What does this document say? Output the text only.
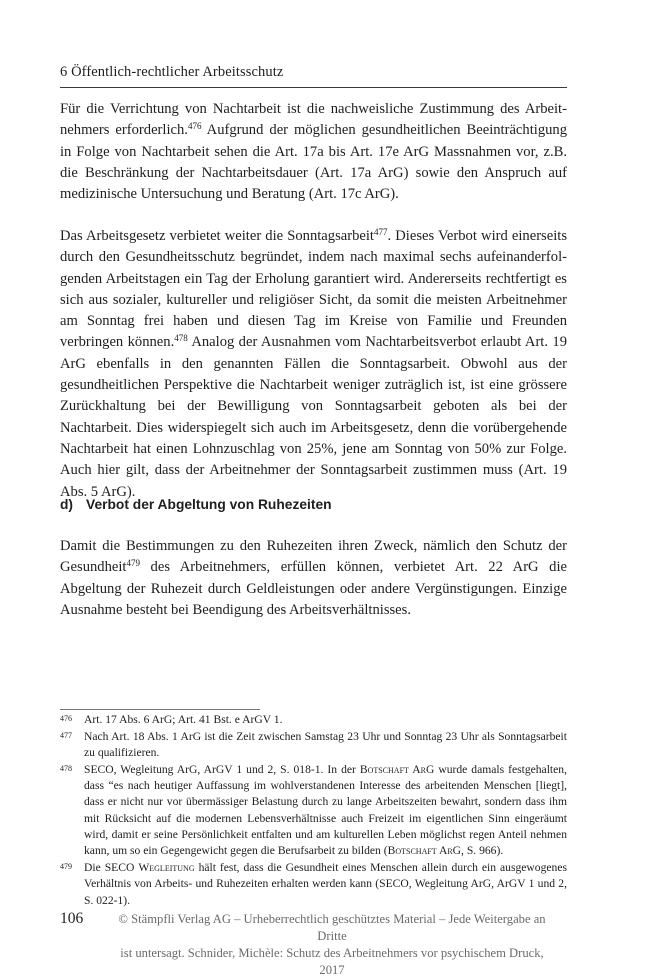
6 Öffentlich-rechtlicher Arbeitsschutz

Für die Verrichtung von Nachtarbeit ist die nachweisliche Zustimmung des Arbeitnehmers erforderlich.$^{476}$ Aufgrund der möglichen gesundheitlichen Beeinträchtigung in Folge von Nachtarbeit sehen die Art. 17a bis Art. 17e ArG Massnahmen vor, z.B. die Beschränkung der Nachtarbeitsdauer (Art. 17a ArG) sowie den Anspruch auf medizinische Untersuchung und Beratung (Art. 17c ArG).

Das Arbeitsgesetz verbietet weiter die Sonntagsarbeit$^{477}$. Dieses Verbot wird einerseits durch den Gesundheitsschutz begründet, indem nach maximal sechs aufeinanderfolgenden Arbeitstagen ein Tag der Erholung garantiert wird. Andererseits rechtfertigt es sich aus sozialer, kultureller und religiöser Sicht, da somit die meisten Arbeitnehmer am Sonntag frei haben und diesen Tag im Kreise von Familie und Freunden verbringen können.$^{478}$ Analog der Ausnahmen vom Nachtarbeitsverbot erlaubt Art. 19 ArG ebenfalls in den genannten Fällen die Sonntagsarbeit. Obwohl aus der gesundheitlichen Perspektive die Nachtarbeit weniger zuträglich ist, ist eine grössere Zurückhaltung bei der Bewilligung von Sonntagsarbeit geboten als bei der Nachtarbeit. Dies widerspiegelt sich auch im Arbeitsgesetz, denn die vorübergehende Nachtarbeit hat einen Lohnzuschlag von 25%, jene am Sonntag von 50% zur Folge. Auch hier gilt, dass der Arbeitnehmer der Sonntagsarbeit zustimmen muss (Art. 19 Abs. 5 ArG).

d) Verbot der Abgeltung von Ruhezeiten

Damit die Bestimmungen zu den Ruhezeiten ihren Zweck, nämlich den Schutz der Gesundheit$^{479}$ des Arbeitnehmers, erfüllen können, verbietet Art. 22 ArG die Abgeltung der Ruhezeit durch Geldleistungen oder andere Vergünstigungen. Einzige Ausnahme besteht bei Beendigung des Arbeitsverhältnisses.

476	Art. 17 Abs. 6 ArG; Art. 41 Bst. e ArGV 1.
477	Nach Art. 18 Abs. 1 ArG ist die Zeit zwischen Samstag 23 Uhr und Sonntag 23 Uhr als Sonntagsarbeit zu qualifizieren.
478	SECO, Wegleitung ArG, ArGV 1 und 2, S. 018-1. In der Botschaft ArG wurde damals festgehalten, dass “es nach heutiger Auffassung im wohlverstandenen Interesse des arbeitenden Menschen [liegt], dass er nicht nur vor übermässiger Belastung durch zu lange Arbeitszeiten bewahrt, sondern dass ihm mit Rücksicht auf die modernen Lebensverhältnisse auch Freizeit im eigentlichen Sinn eingeräumt wird, damit er seine Persönlichkeit entfalten und am kulturellen Leben möglichst regen Anteil nehmen kann, um so ein Gegengewicht gegen die Berufsarbeit zu bilden (Botschaft ArG, S. 966).
479	Die SECO Wegleitung hält fest, dass die Gesundheit eines Menschen allein durch ein ausgewogenes Verhältnis von Arbeits- und Ruhezeiten erhalten werden kann (SECO, Wegleitung ArG, ArGV 1 und 2, S. 022-1).
106	© Stämpfli Verlag AG – Urheberrechtlich geschütztes Material – Jede Weitergabe an Dritte
ist untersagt. Schnider, Michèle: Schutz des Arbeitnehmers vor psychischem Druck, 2017
